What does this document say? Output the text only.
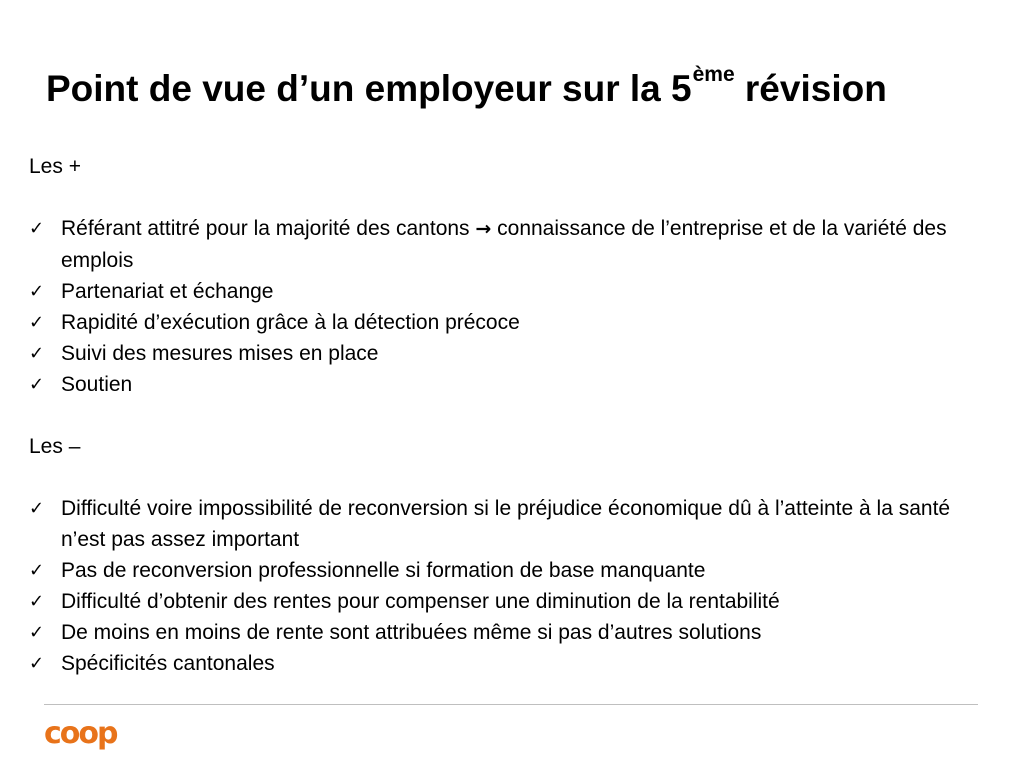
Point de vue d’un employeur sur la 5ème révision
Les +
✓ Référant attitré pour la majorité des cantons → connaissance de l’entreprise et de la variété des emplois
✓ Partenariat et échange
✓ Rapidité d’exécution grâce à la détection précoce
✓ Suivi des mesures mises en place
✓ Soutien
Les –
✓ Difficulté voire impossibilité de reconversion si le préjudice économique dû à l’atteinte à la santé n’est pas assez important
✓ Pas de reconversion professionnelle si formation de base manquante
✓ Difficulté d’obtenir des rentes pour compenser une diminution de la rentabilité
✓ De moins en moins de rente sont attribuées même si pas d’autres solutions
✓ Spécificités cantonales
coop
